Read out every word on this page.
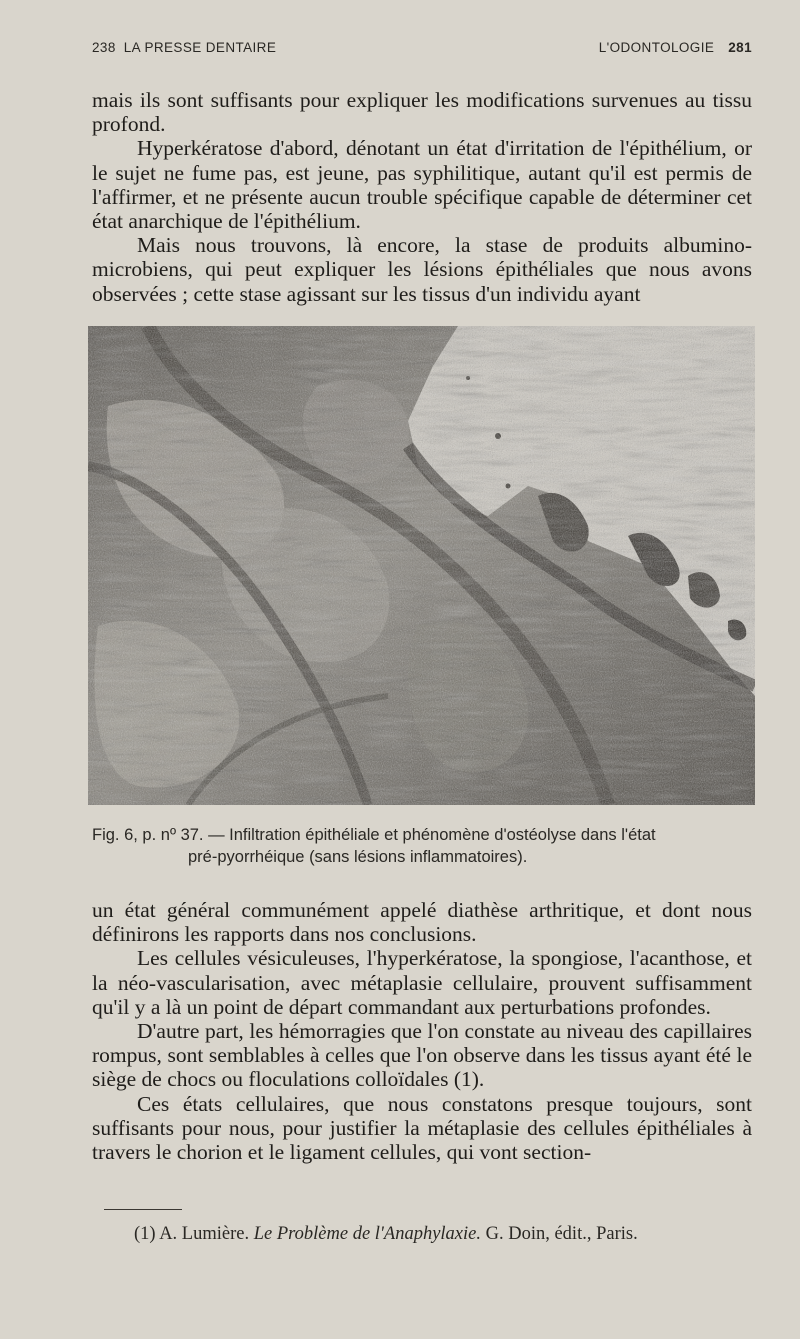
238 LA PRESSE DENTAIRE	L'ODONTOLOGIE 281

mais ils sont suffisants pour expliquer les modifications survenues au tissu profond.

Hyperkératose d'abord, dénotant un état d'irritation de l'épithélium, or le sujet ne fume pas, est jeune, pas syphilitique, autant qu'il est permis de l'affirmer, et ne présente aucun trouble spécifique capable de déterminer cet état anarchique de l'épithélium.

Mais nous trouvons, là encore, la stase de produits albumino-microbiens, qui peut expliquer les lésions épithéliales que nous avons observées ; cette stase agissant sur les tissus d'un individu ayant

Fig. 6, p. nº 37. — Infiltration épithéliale et phénomène d'ostéolyse dans l'état
pré-pyorrhéique (sans lésions inflammatoires).

un état général communément appelé diathèse arthritique, et dont nous définirons les rapports dans nos conclusions.

Les cellules vésiculeuses, l'hyperkératose, la spongiose, l'acanthose, et la néo-vascularisation, avec métaplasie cellulaire, prouvent suffisamment qu'il y a là un point de départ commandant aux perturbations profondes.

D'autre part, les hémorragies que l'on constate au niveau des capillaires rompus, sont semblables à celles que l'on observe dans les tissus ayant été le siège de chocs ou floculations colloïdales (1).

Ces états cellulaires, que nous constatons presque toujours, sont suffisants pour nous, pour justifier la métaplasie des cellules épithéliales à travers le chorion et le ligament cellules, qui vont section-

(1) A. Lumière. Le Problème de l'Anaphylaxie. G. Doin, édit., Paris.
